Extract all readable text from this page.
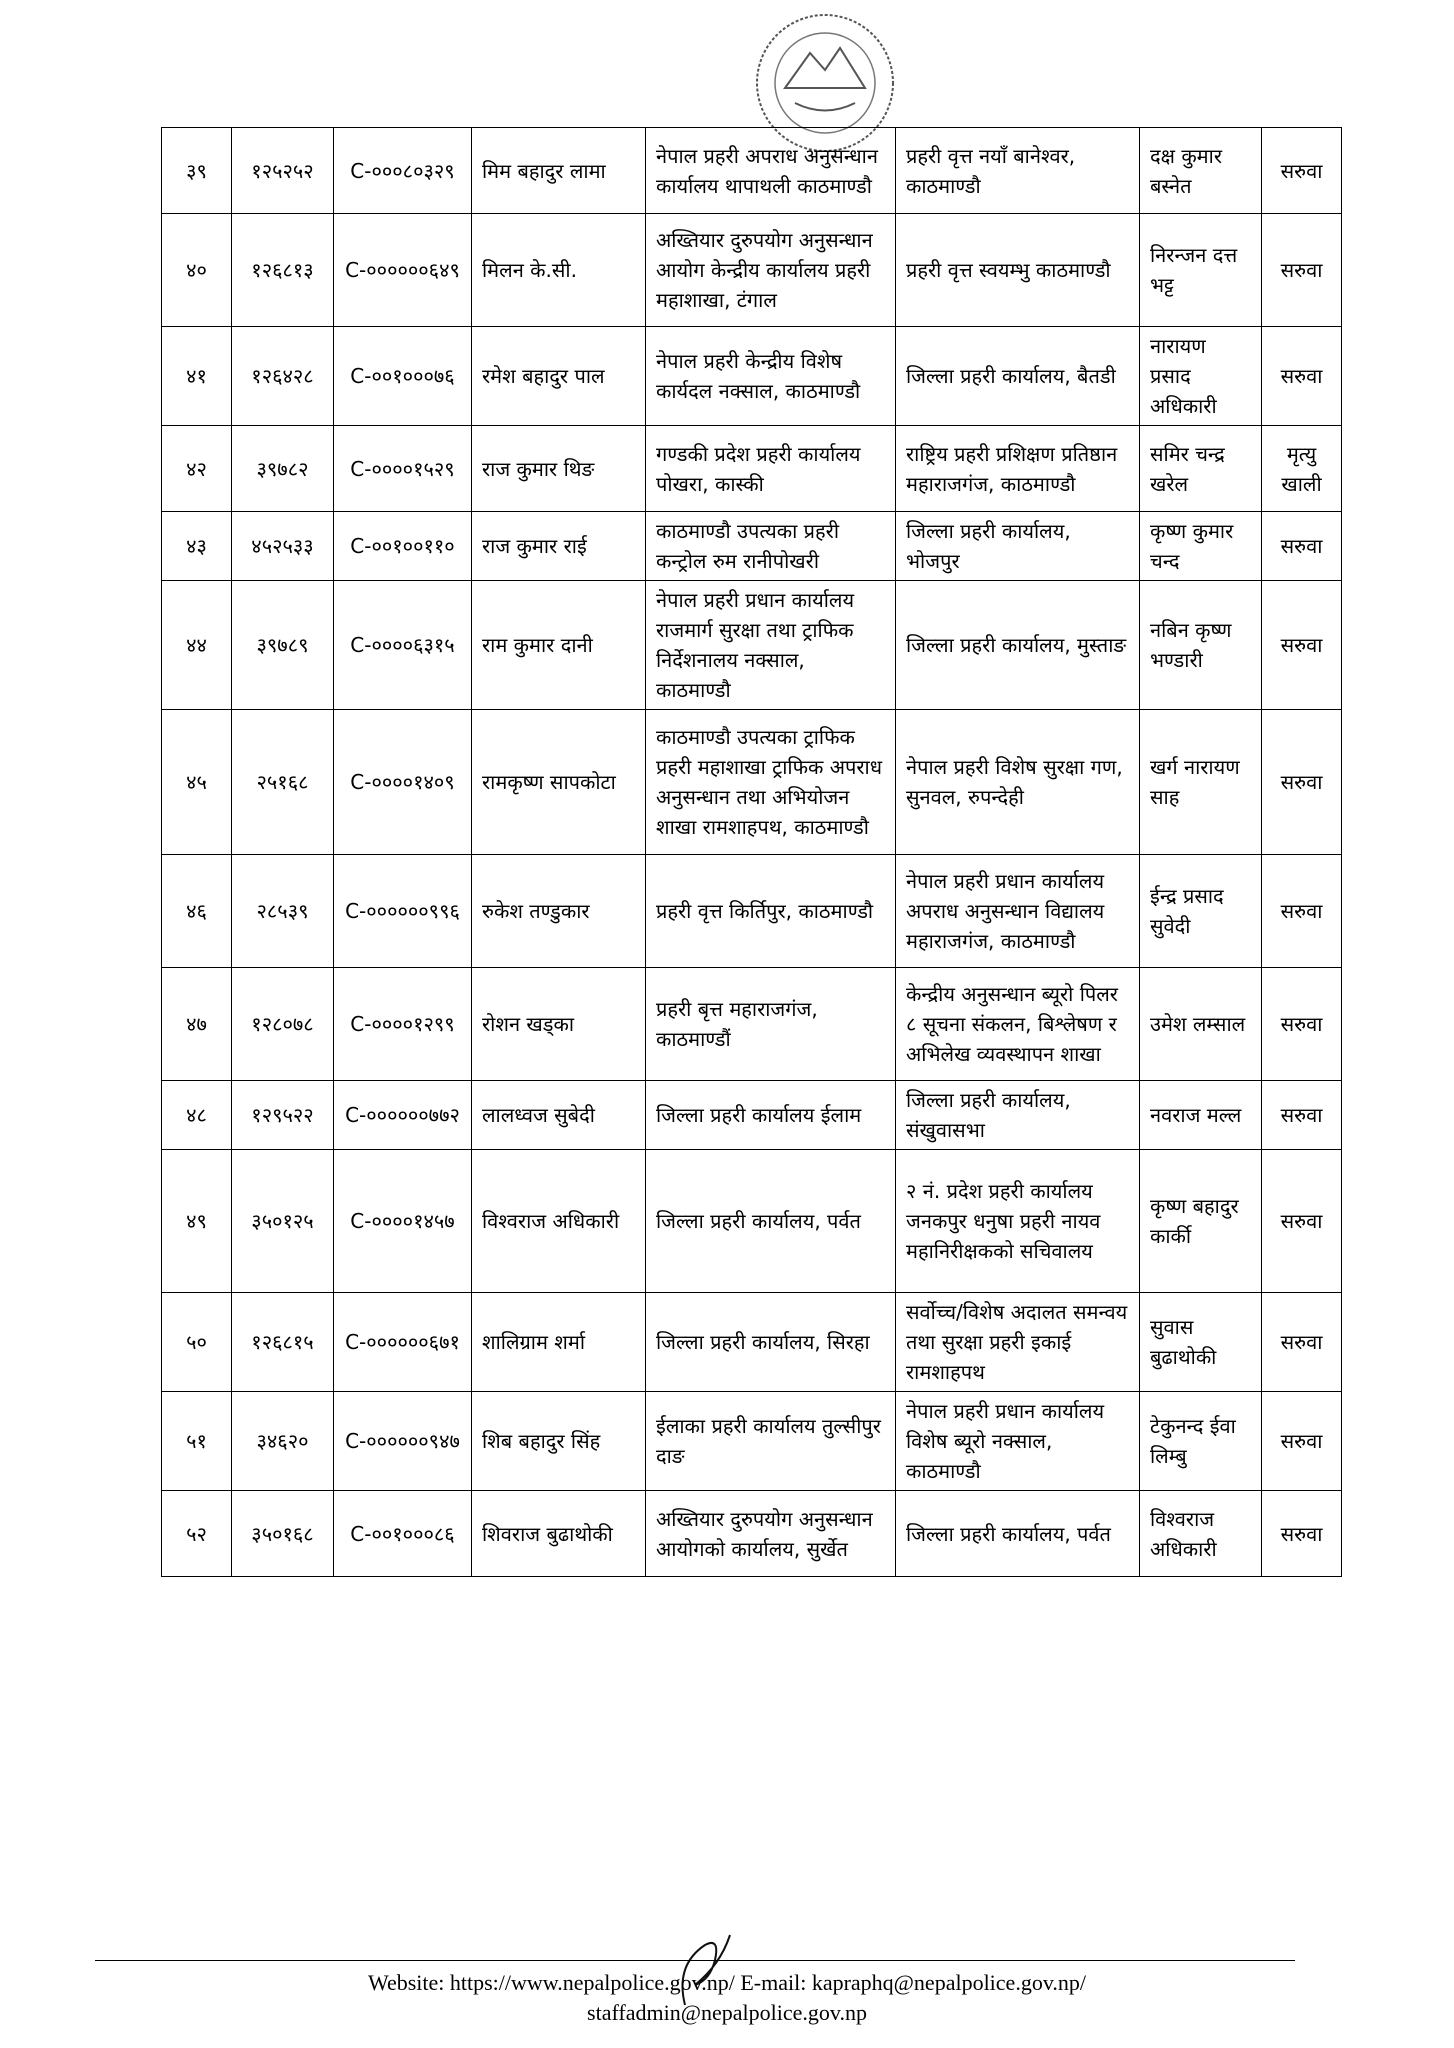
३९	१२५२५२	C-०००८०३२९	मिम बहादुर लामा	नेपाल प्रहरी अपराध अनुसन्धान कार्यालय थापाथली काठमाण्डौ	प्रहरी वृत्त नयाँ बानेश्वर, काठमाण्डौ	दक्ष कुमार बस्नेत	सरुवा
४०	१२६८१३	C-००००००६४९	मिलन के.सी.	अख्तियार दुरुपयोग अनुसन्धान आयोग केन्द्रीय कार्यालय प्रहरी महाशाखा, टंगाल	प्रहरी वृत्त स्वयम्भु काठमाण्डौ	निरन्जन दत्त भट्ट	सरुवा
४१	१२६४२८	C-००१०००७६	रमेश बहादुर पाल	नेपाल प्रहरी केन्द्रीय विशेष कार्यदल नक्साल, काठमाण्डौ	जिल्ला प्रहरी कार्यालय, बैतडी	नारायण प्रसाद अधिकारी	सरुवा
४२	३९७८२	C-००००१५२९	राज कुमार थिङ	गण्डकी प्रदेश प्रहरी कार्यालय पोखरा, कास्की	राष्ट्रिय प्रहरी प्रशिक्षण प्रतिष्ठान महाराजगंज, काठमाण्डौ	समिर चन्द्र खरेल	मृत्यु खाली
४३	४५२५३३	C-००१००११०	राज कुमार राई	काठमाण्डौ उपत्यका प्रहरी कन्ट्रोल रुम रानीपोखरी	जिल्ला प्रहरी कार्यालय, भोजपुर	कृष्ण कुमार चन्द	सरुवा
४४	३९७८९	C-००००६३१५	राम कुमार दानी	नेपाल प्रहरी प्रधान कार्यालय राजमार्ग सुरक्षा तथा ट्राफिक निर्देशनालय नक्साल, काठमाण्डौ	जिल्ला प्रहरी कार्यालय, मुस्ताङ	नबिन कृष्ण भण्डारी	सरुवा
४५	२५१६८	C-००००१४०९	रामकृष्ण सापकोटा	काठमाण्डौ उपत्यका ट्राफिक प्रहरी महाशाखा ट्राफिक अपराध अनुसन्धान तथा अभियोजन शाखा रामशाहपथ, काठमाण्डौ	नेपाल प्रहरी विशेष सुरक्षा गण, सुनवल, रुपन्देही	खर्ग नारायण साह	सरुवा
४६	२८५३९	C-००००००९९६	रुकेश तण्डुकार	प्रहरी वृत्त किर्तिपुर, काठमाण्डौ	नेपाल प्रहरी प्रधान कार्यालय अपराध अनुसन्धान विद्यालय महाराजगंज, काठमाण्डौ	ईन्द्र प्रसाद सुवेदी	सरुवा
४७	१२८०७८	C-००००१२९९	रोशन खड्का	प्रहरी बृत्त महाराजगंज, काठमाण्डौं	केन्द्रीय अनुसन्धान ब्यूरो पिलर ८ सूचना संकलन, बिश्लेषण र अभिलेख व्यवस्थापन शाखा	उमेश लम्साल	सरुवा
४८	१२९५२२	C-००००००७७२	लालध्वज सुबेदी	जिल्ला प्रहरी कार्यालय ईलाम	जिल्ला प्रहरी कार्यालय, संखुवासभा	नवराज मल्ल	सरुवा
४९	३५०१२५	C-००००१४५७	विश्वराज अधिकारी	जिल्ला प्रहरी कार्यालय, पर्वत	२ नं. प्रदेश प्रहरी कार्यालय जनकपुर धनुषा प्रहरी नायव महानिरीक्षकको सचिवालय	कृष्ण बहादुर कार्की	सरुवा
५०	१२६८१५	C-००००००६७१	शालिग्राम शर्मा	जिल्ला प्रहरी कार्यालय, सिरहा	सर्वोच्च/विशेष अदालत समन्वय तथा सुरक्षा प्रहरी इकाई रामशाहपथ	सुवास बुढाथोकी	सरुवा
५१	३४६२०	C-००००००९४७	शिब बहादुर सिंह	ईलाका प्रहरी कार्यालय तुल्सीपुर दाङ	नेपाल प्रहरी प्रधान कार्यालय विशेष ब्यूरो नक्साल, काठमाण्डौ	टेकुनन्द ईवा लिम्बु	सरुवा
५२	३५०१६८	C-००१०००८६	शिवराज बुढाथोकी	अख्तियार दुरुपयोग अनुसन्धान आयोगको कार्यालय, सुर्खेत	जिल्ला प्रहरी कार्यालय, पर्वत	विश्वराज अधिकारी	सरुवा
Website: https://www.nepalpolice.gov.np/ E-mail: kapraphq@nepalpolice.gov.np/
staffadmin@nepalpolice.gov.np
